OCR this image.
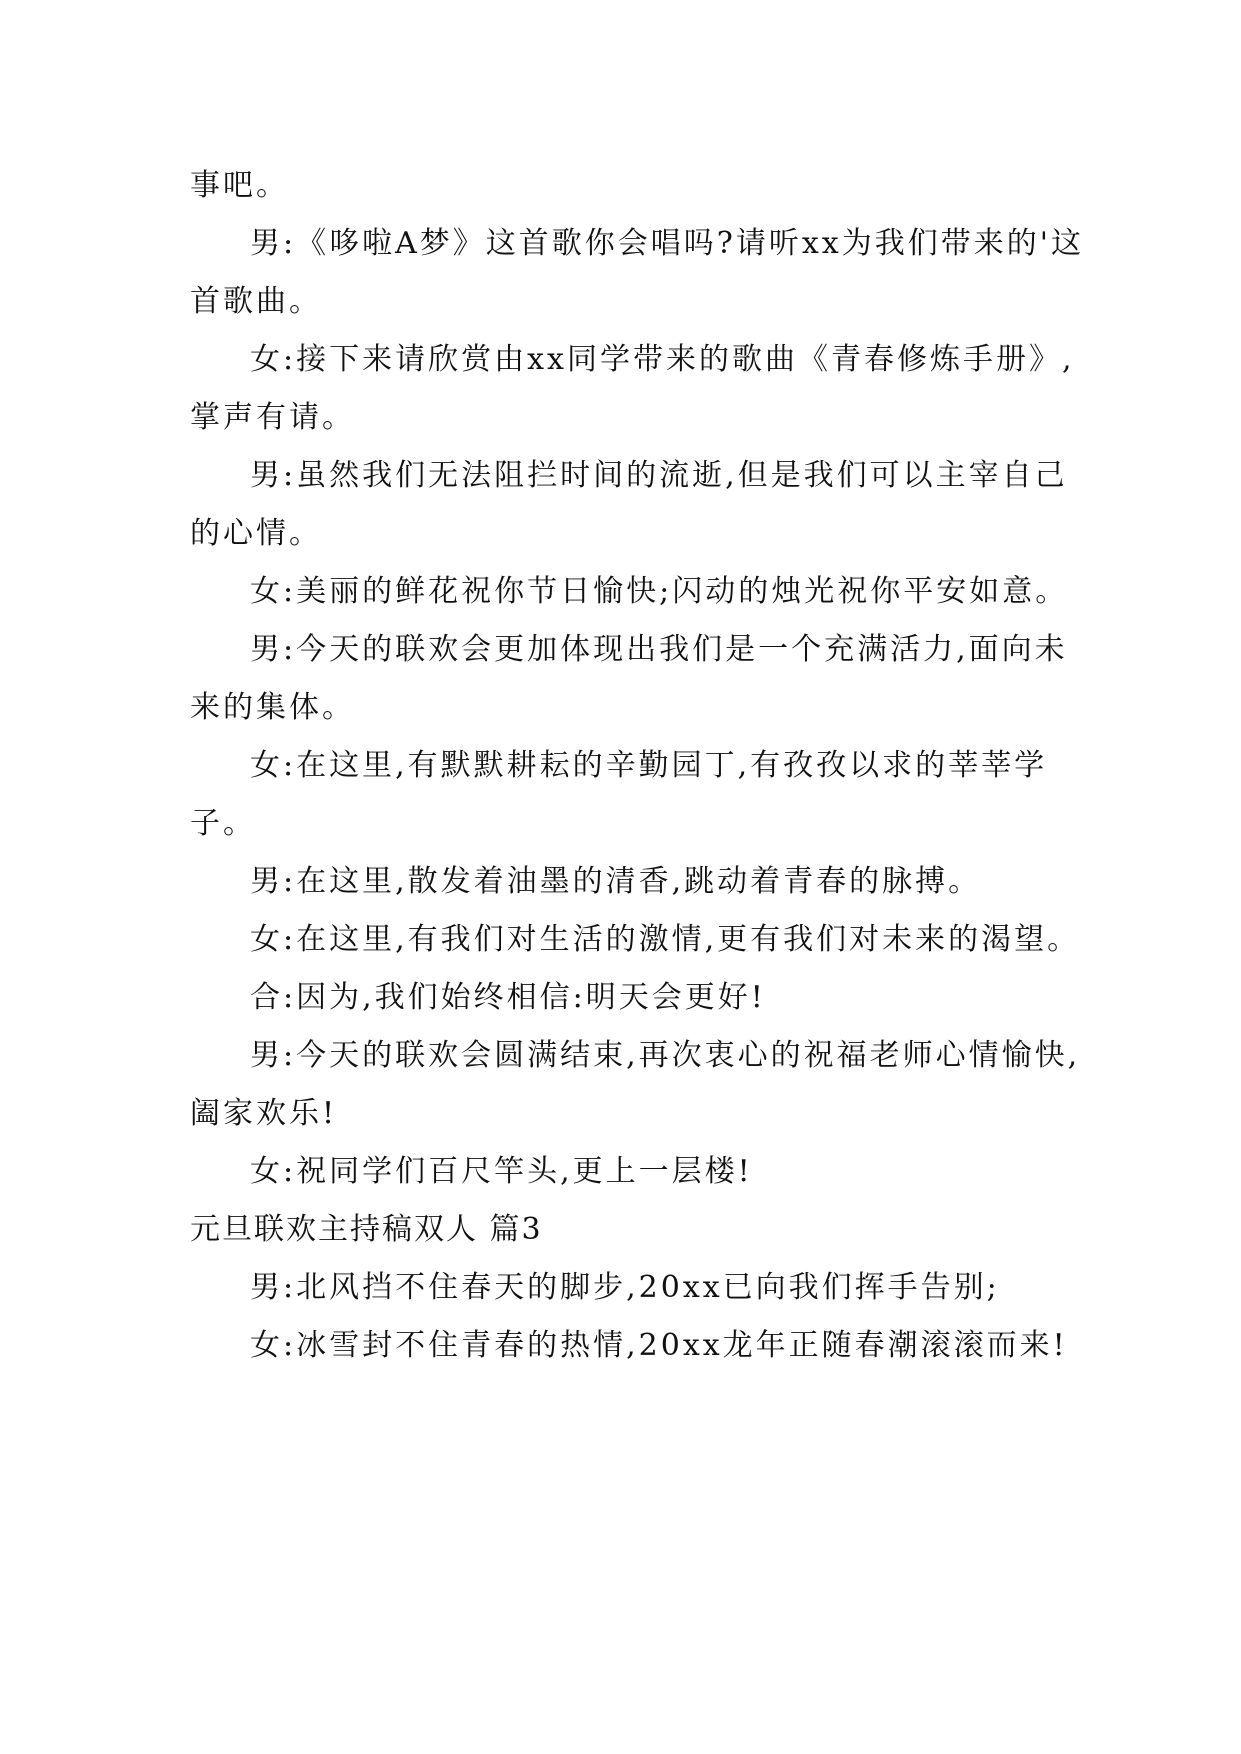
事吧。

男:《哆啦A梦》这首歌你会唱吗?请听xx为我们带来的'这首歌曲。

女:接下来请欣赏由xx同学带来的歌曲《青春修炼手册》,掌声有请。

男:虽然我们无法阻拦时间的流逝,但是我们可以主宰自己的心情。

女:美丽的鲜花祝你节日愉快;闪动的烛光祝你平安如意。

男:今天的联欢会更加体现出我们是一个充满活力,面向未来的集体。

女:在这里,有默默耕耘的辛勤园丁,有孜孜以求的莘莘学子。

男:在这里,散发着油墨的清香,跳动着青春的脉搏。

女:在这里,有我们对生活的激情,更有我们对未来的渴望。

合:因为,我们始终相信:明天会更好!

男:今天的联欢会圆满结束,再次衷心的祝福老师心情愉快,阖家欢乐!

女:祝同学们百尺竿头,更上一层楼!

元旦联欢主持稿双人 篇3

男:北风挡不住春天的脚步,20xx已向我们挥手告别;

女:冰雪封不住青春的热情,20xx龙年正随春潮滚滚而来!
